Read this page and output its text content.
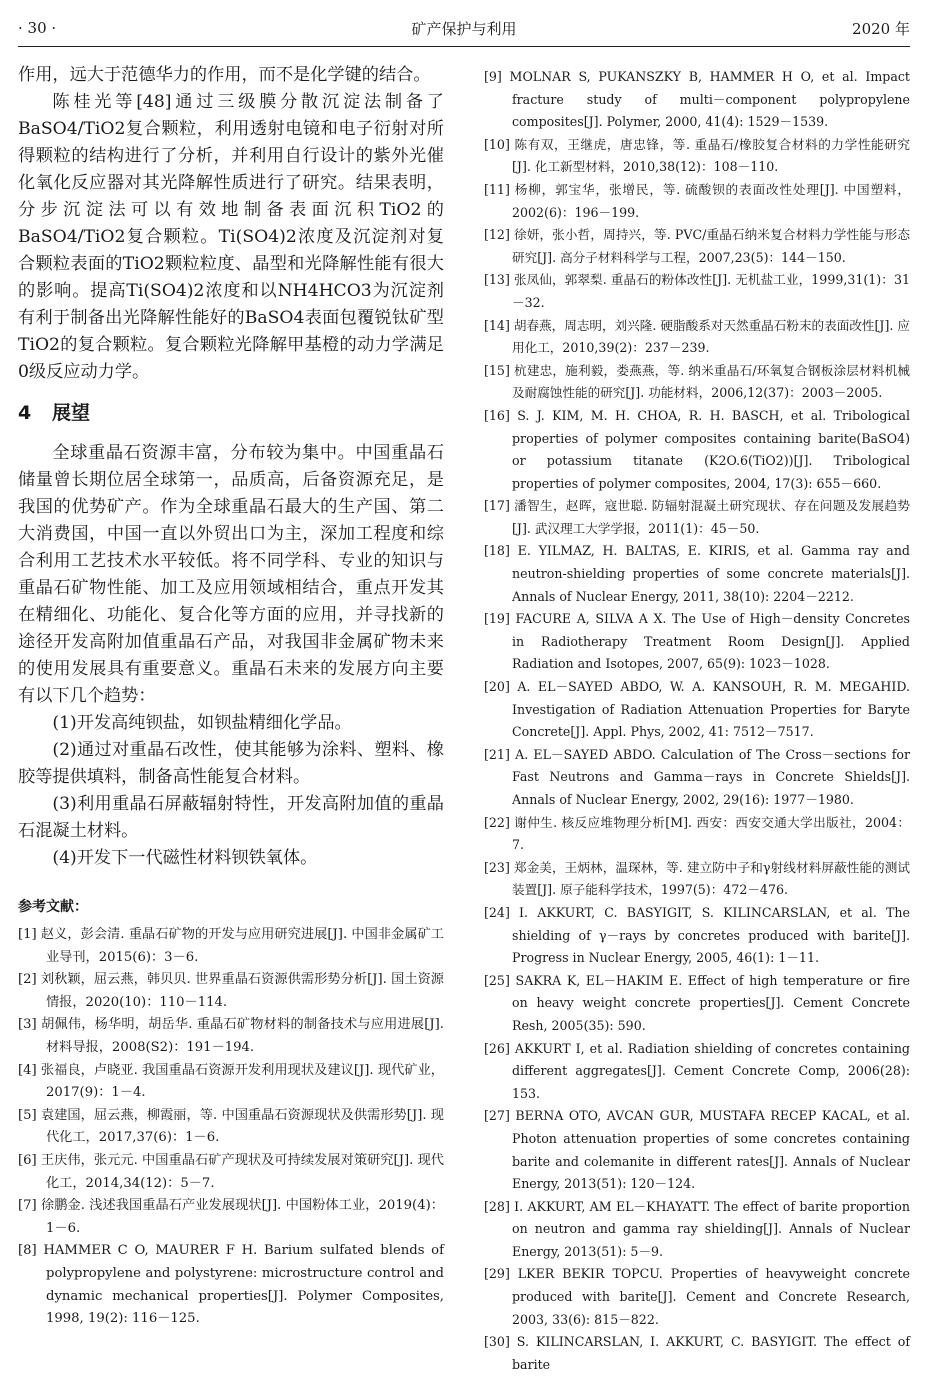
· 30 ·	矿产保护与利用	2020 年

作用，远大于范德华力的作用，而不是化学键的结合。

陈桂光等[48]通过三级膜分散沉淀法制备了BaSO4/TiO2复合颗粒，利用透射电镜和电子衍射对所得颗粒的结构进行了分析，并利用自行设计的紫外光催化氧化反应器对其光降解性质进行了研究。结果表明，分步沉淀法可以有效地制备表面沉积TiO2的BaSO4/TiO2复合颗粒。Ti(SO4)2浓度及沉淀剂对复合颗粒表面的TiO2颗粒粒度、晶型和光降解性能有很大的影响。提高Ti(SO4)2浓度和以NH4HCO3为沉淀剂有利于制备出光降解性能好的BaSO4表面包覆锐钛矿型TiO2的复合颗粒。复合颗粒光降解甲基橙的动力学满足0级反应动力学。

4 展望

全球重晶石资源丰富，分布较为集中。中国重晶石储量曾长期位居全球第一，品质高，后备资源充足，是我国的优势矿产。作为全球重晶石最大的生产国、第二大消费国，中国一直以外贸出口为主，深加工程度和综合利用工艺技术水平较低。将不同学科、专业的知识与重晶石矿物性能、加工及应用领域相结合，重点开发其在精细化、功能化、复合化等方面的应用，并寻找新的途径开发高附加值重晶石产品，对我国非金属矿物未来的使用发展具有重要意义。重晶石未来的发展方向主要有以下几个趋势：

(1)开发高纯钡盐，如钡盐精细化学品。

(2)通过对重晶石改性，使其能够为涂料、塑料、橡胶等提供填料，制备高性能复合材料。

(3)利用重晶石屏蔽辐射特性，开发高附加值的重晶石混凝土材料。

(4)开发下一代磁性材料钡铁氧体。

参考文献：

[1] 赵义，彭会清. 重晶石矿物的开发与应用研究进展[J]. 中国非金属矿工业导刊，2015(6)：3－6.

[2] 刘秋颖，屈云燕，韩贝贝. 世界重晶石资源供需形势分析[J]. 国土资源情报，2020(10)：110－114.

[3] 胡佩伟，杨华明，胡岳华. 重晶石矿物材料的制备技术与应用进展[J]. 材料导报，2008(S2)：191－194.

[4] 张福良，卢晓亚. 我国重晶石资源开发利用现状及建议[J]. 现代矿业，2017(9)：1－4.

[5] 袁建国，屈云燕，柳霞丽，等. 中国重晶石资源现状及供需形势[J]. 现代化工，2017,37(6)：1－6.

[6] 王庆伟，张元元. 中国重晶石矿产现状及可持续发展对策研究[J]. 现代化工，2014,34(12)：5－7.

[7] 徐鹏金. 浅述我国重晶石产业发展现状[J]. 中国粉体工业，2019(4)：1－6.

[8] HAMMER C O, MAURER F H. Barium sulfated blends of polypropylene and polystyrene: microstructure control and dynamic mechanical properties[J]. Polymer Composites, 1998, 19(2): 116－125.

[9] MOLNAR S, PUKANSZKY B, HAMMER H O, et al. Impact fracture study of multi－component polypropylene composites[J]. Polymer, 2000, 41(4): 1529－1539.

[10] 陈有双，王继虎，唐忠锋，等. 重晶石/橡胶复合材料的力学性能研究[J]. 化工新型材料，2010,38(12)：108－110.

[11] 杨柳，郭宝华，张增民，等. 硫酸钡的表面改性处理[J]. 中国塑料，2002(6)：196－199.

[12] 徐妍，张小哲，周持兴，等. PVC/重晶石纳米复合材料力学性能与形态研究[J]. 高分子材料科学与工程，2007,23(5)：144－150.

[13] 张凤仙，郭翠梨. 重晶石的粉体改性[J]. 无机盐工业，1999,31(1)：31－32.

[14] 胡春燕，周志明，刘兴隆. 硬脂酸系对天然重晶石粉末的表面改性[J]. 应用化工，2010,39(2)：237－239.

[15] 杭建忠，施利毅，娄燕燕，等. 纳米重晶石/环氧复合钢板涂层材料机械及耐腐蚀性能的研究[J]. 功能材料，2006,12(37)：2003－2005.

[16] S. J. KIM, M. H. CHOA, R. H. BASCH, et al. Tribological properties of polymer composites containing barite(BaSO4) or potassium titanate (K2O.6(TiO2))[J]. Tribological properties of polymer composites, 2004, 17(3): 655－660.

[17] 潘智生，赵晖，寇世聪. 防辐射混凝土研究现状、存在问题及发展趋势[J]. 武汉理工大学学报，2011(1)：45－50.

[18] E. YILMAZ, H. BALTAS, E. KIRIS, et al. Gamma ray and neutron-shielding properties of some concrete materials[J]. Annals of Nuclear Energy, 2011, 38(10): 2204－2212.

[19] FACURE A, SILVA A X. The Use of High－density Concretes in Radiotherapy Treatment Room Design[J]. Applied Radiation and Isotopes, 2007, 65(9): 1023－1028.

[20] A. EL－SAYED ABDO, W. A. KANSOUH, R. M. MEGAHID. Investigation of Radiation Attenuation Properties for Baryte Concrete[J]. Appl. Phys, 2002, 41: 7512－7517.

[21] A. EL－SAYED ABDO. Calculation of The Cross－sections for Fast Neutrons and Gamma－rays in Concrete Shields[J]. Annals of Nuclear Energy, 2002, 29(16): 1977－1980.

[22] 谢仲生. 核反应堆物理分析[M]. 西安：西安交通大学出版社，2004：7.

[23] 郑金美，王炳林，温琛林，等. 建立防中子和γ射线材料屏蔽性能的测试装置[J]. 原子能科学技术，1997(5)：472－476.

[24] I. AKKURT, C. BASYIGIT, S. KILINCARSLAN, et al. The shielding of γ－rays by concretes produced with barite[J]. Progress in Nuclear Energy, 2005, 46(1): 1－11.

[25] SAKRA K, EL－HAKIM E. Effect of high temperature or fire on heavy weight concrete properties[J]. Cement Concrete Resh, 2005(35): 590.

[26] AKKURT I, et al. Radiation shielding of concretes containing different aggregates[J]. Cement Concrete Comp, 2006(28): 153.

[27] BERNA OTO, AVCAN GUR, MUSTAFA RECEP KACAL, et al. Photon attenuation properties of some concretes containing barite and colemanite in different rates[J]. Annals of Nuclear Energy, 2013(51): 120－124.

[28] I. AKKURT, AM EL－KHAYATT. The effect of barite proportion on neutron and gamma ray shielding[J]. Annals of Nuclear Energy, 2013(51): 5－9.

[29] LKER BEKIR TOPCU. Properties of heavyweight concrete produced with barite[J]. Cement and Concrete Research, 2003, 33(6): 815－822.

[30] S. KILINCARSLAN, I. AKKURT, C. BASYIGIT. The effect of barite
